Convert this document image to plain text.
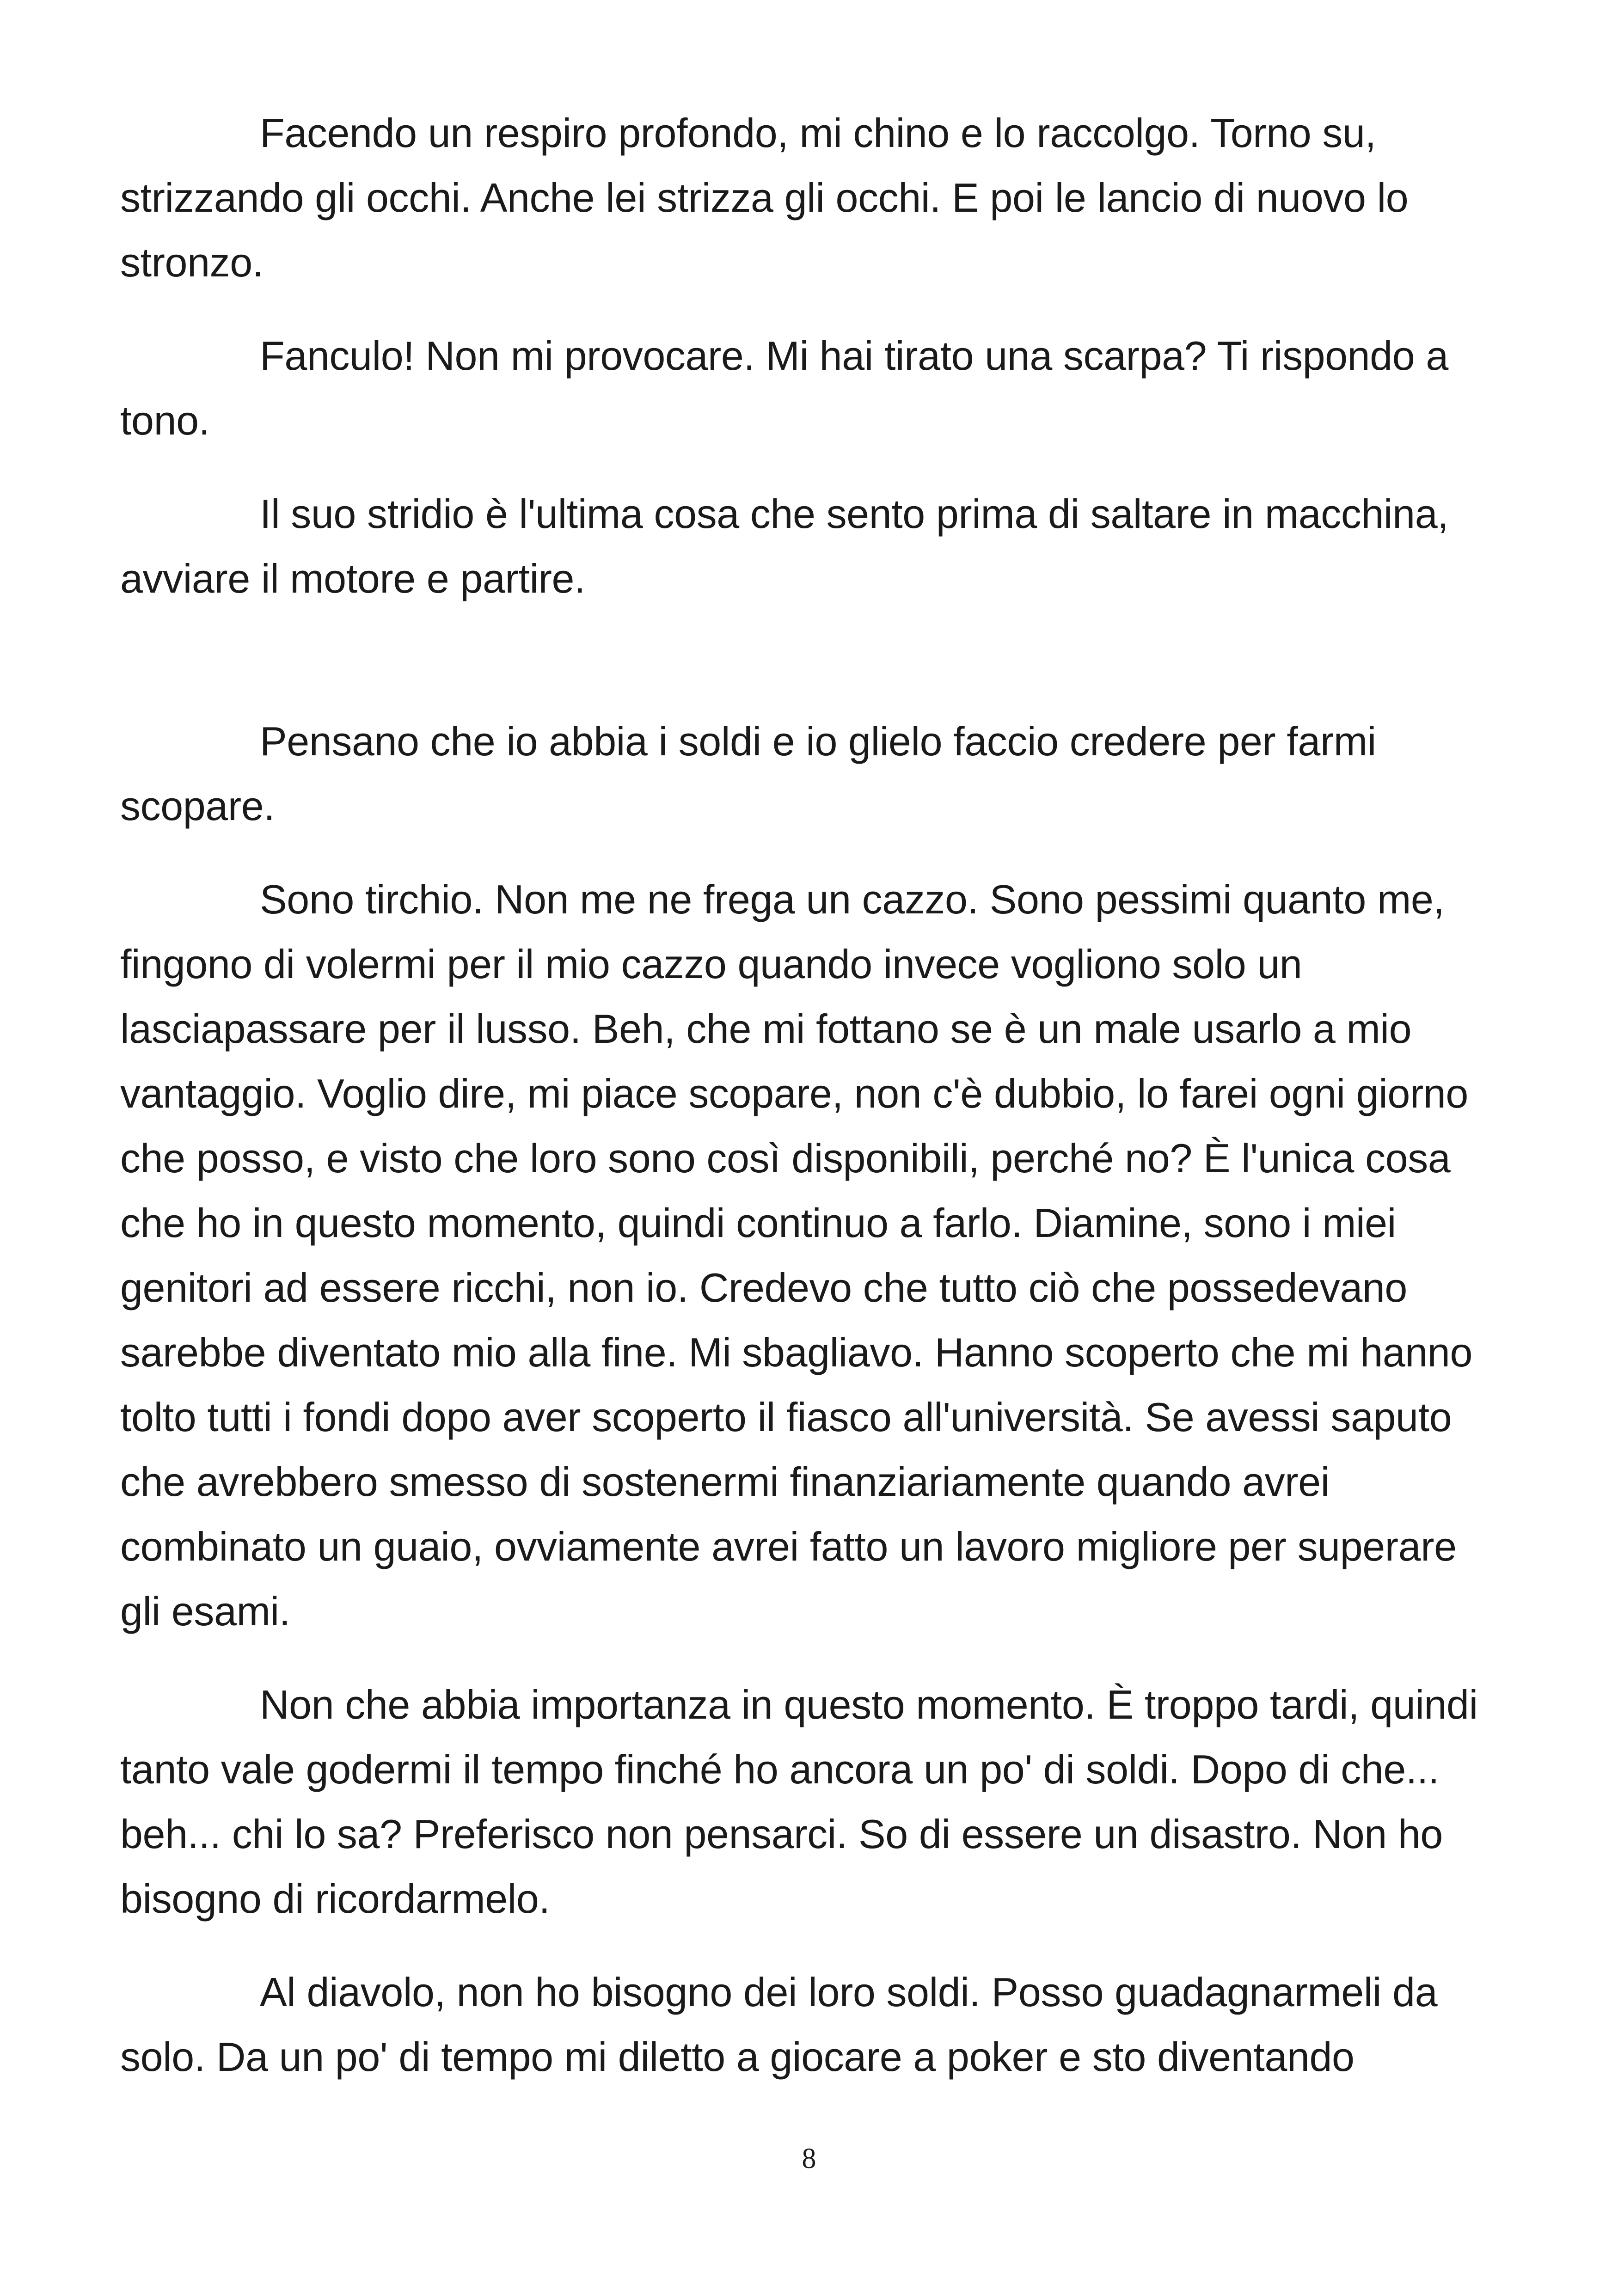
Facendo un respiro profondo, mi chino e lo raccolgo. Torno su, strizzando gli occhi. Anche lei strizza gli occhi. E poi le lancio di nuovo lo stronzo.

Fanculo! Non mi provocare. Mi hai tirato una scarpa? Ti rispondo a tono.

Il suo stridio è l'ultima cosa che sento prima di saltare in macchina, avviare il motore e partire.

Pensano che io abbia i soldi e io glielo faccio credere per farmi scopare.

Sono tirchio. Non me ne frega un cazzo. Sono pessimi quanto me, fingono di volermi per il mio cazzo quando invece vogliono solo un lasciapassare per il lusso. Beh, che mi fottano se è un male usarlo a mio vantaggio. Voglio dire, mi piace scopare, non c'è dubbio, lo farei ogni giorno che posso, e visto che loro sono così disponibili, perché no? È l'unica cosa che ho in questo momento, quindi continuo a farlo. Diamine, sono i miei genitori ad essere ricchi, non io. Credevo che tutto ciò che possedevano sarebbe diventato mio alla fine. Mi sbagliavo. Hanno scoperto che mi hanno tolto tutti i fondi dopo aver scoperto il fiasco all'università. Se avessi saputo che avrebbero smesso di sostenermi finanziariamente quando avrei combinato un guaio, ovviamente avrei fatto un lavoro migliore per superare gli esami.

Non che abbia importanza in questo momento. È troppo tardi, quindi tanto vale godermi il tempo finché ho ancora un po' di soldi. Dopo di che... beh... chi lo sa? Preferisco non pensarci. So di essere un disastro. Non ho bisogno di ricordarmelo.

Al diavolo, non ho bisogno dei loro soldi. Posso guadagnarmeli da solo. Da un po' di tempo mi diletto a giocare a poker e sto diventando

8
